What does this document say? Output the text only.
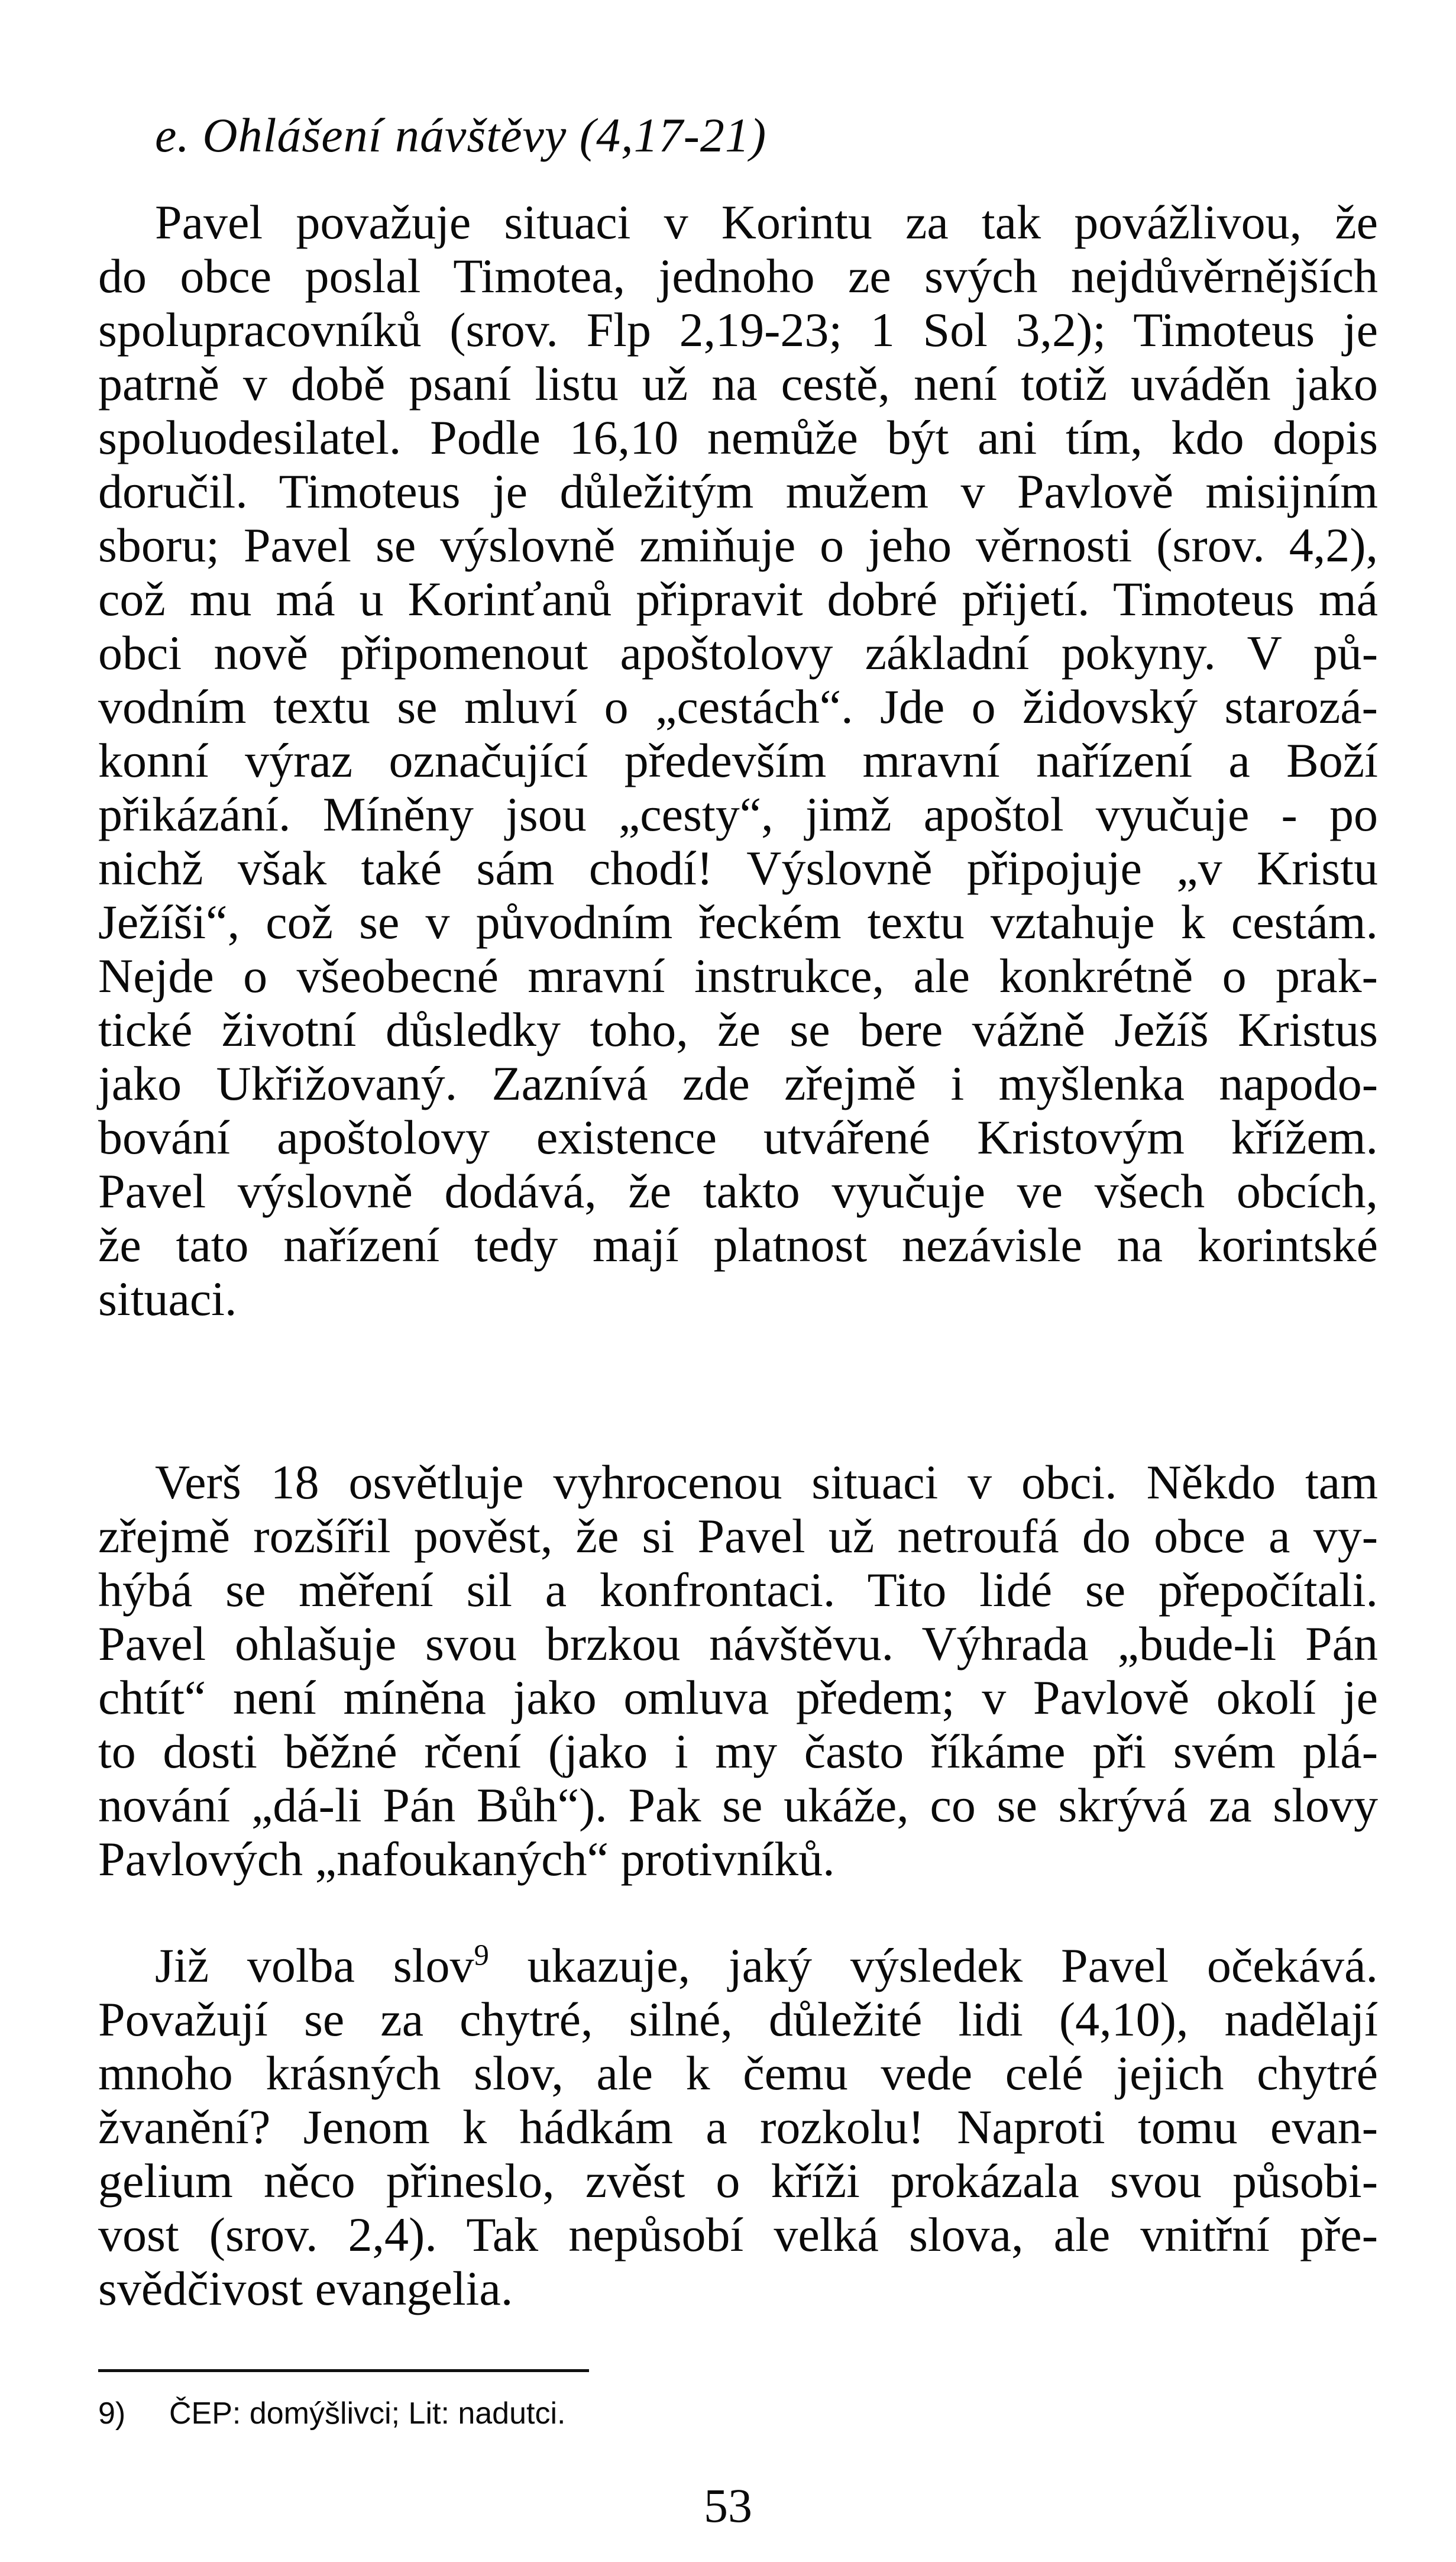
e. Ohlášení návštěvy (4,17-21)
Pavel považuje situaci v Korintu za tak povážlivou, že
do obce poslal Timotea, jednoho ze svých nejdůvěrnějších
spolupracovníků (srov. Flp 2,19-23; 1 Sol 3,2); Timoteus je
patrně v době psaní listu už na cestě, není totiž uváděn jako
spoluodesilatel. Podle 16,10 nemůže být ani tím, kdo dopis
doručil. Timoteus je důležitým mužem v Pavlově misijním
sboru; Pavel se výslovně zmiňuje o jeho věrnosti (srov. 4,2),
což mu má u Korinťanů připravit dobré přijetí. Timoteus má
obci nově připomenout apoštolovy základní pokyny. V pů-
vodním textu se mluví o „cestách“. Jde o židovský starozá-
konní výraz označující především mravní nařízení a Boží
přikázání. Míněny jsou „cesty“, jimž apoštol vyučuje - po
nichž však také sám chodí! Výslovně připojuje „v Kristu
Ježíši“, což se v původním řeckém textu vztahuje k cestám.
Nejde o všeobecné mravní instrukce, ale konkrétně o prak-
tické životní důsledky toho, že se bere vážně Ježíš Kristus
jako Ukřižovaný. Zaznívá zde zřejmě i myšlenka napodo-
bování apoštolovy existence utvářené Kristovým křížem.
Pavel výslovně dodává, že takto vyučuje ve všech obcích,
že tato nařízení tedy mají platnost nezávisle na korintské
situaci.
Verš 18 osvětluje vyhrocenou situaci v obci. Někdo tam
zřejmě rozšířil pověst, že si Pavel už netroufá do obce a vy-
hýbá se měření sil a konfrontaci. Tito lidé se přepočítali.
Pavel ohlašuje svou brzkou návštěvu. Výhrada „bude-li Pán
chtít“ není míněna jako omluva předem; v Pavlově okolí je
to dosti běžné rčení (jako i my často říkáme při svém plá-
nování „dá-li Pán Bůh“). Pak se ukáže, co se skrývá za slovy
Pavlových „nafoukaných“ protivníků.
Již volba slov$^9$ ukazuje, jaký výsledek Pavel očekává.
Považují se za chytré, silné, důležité lidi (4,10), nadělají
mnoho krásných slov, ale k čemu vede celé jejich chytré
žvanění? Jenom k hádkám a rozkolu! Naproti tomu evan-
gelium něco přineslo, zvěst o kříži prokázala svou působi-
vost (srov. 2,4). Tak nepůsobí velká slova, ale vnitřní pře-
svědčivost evangelia.
9) ČEP: domýšlivci; Lit: nadutci.
53
